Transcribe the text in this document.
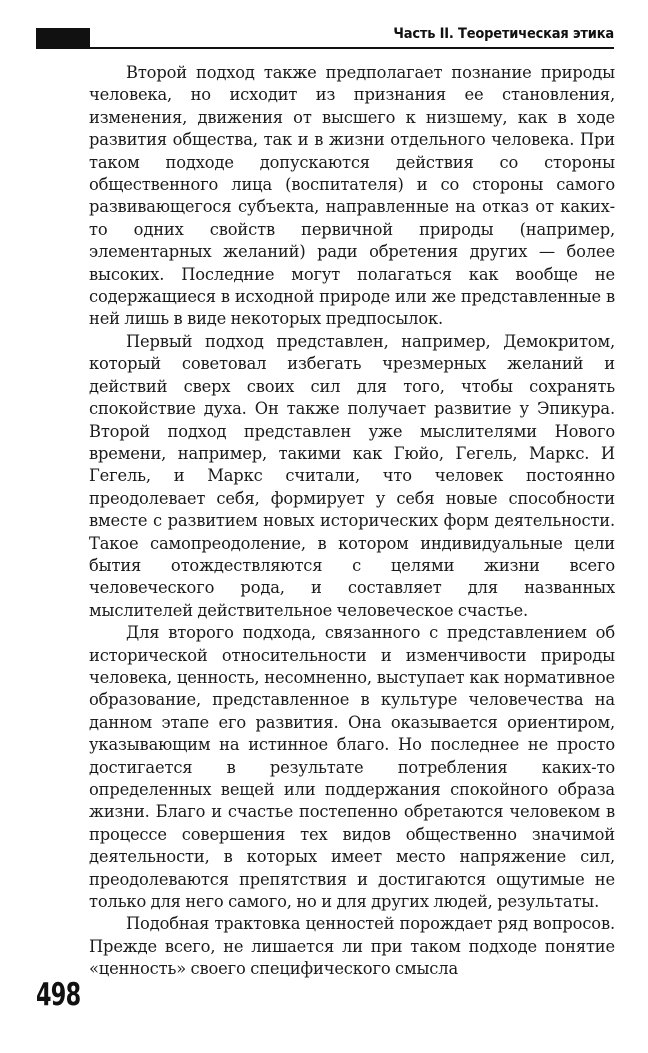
Часть II. Теоретическая этика

Второй подход также предполагает познание природы человека, но исходит из признания ее становления, изменения, движения от высшего к низшему, как в ходе развития общества, так и в жизни отдельного человека. При таком подходе допускаются действия со стороны общественного лица (воспитателя) и со стороны самого развивающегося субъекта, направленные на отказ от каких-то одних свойств первичной природы (например, элементарных желаний) ради обретения других — более высоких. Последние могут полагаться как вообще не содержащиеся в исходной природе или же представленные в ней лишь в виде некоторых предпосылок.

Первый подход представлен, например, Демокритом, который советовал избегать чрезмерных желаний и действий сверх своих сил для того, чтобы сохранять спокойствие духа. Он также получает развитие у Эпикура. Второй подход представлен уже мыслителями Нового времени, например, такими как Гюйо, Гегель, Маркс. И Гегель, и Маркс считали, что человек постоянно преодолевает себя, формирует у себя новые способности вместе с развитием новых исторических форм деятельности. Такое самопреодоление, в котором индивидуальные цели бытия отождествляются с целями жизни всего человеческого рода, и составляет для названных мыслителей действительное человеческое счастье.

Для второго подхода, связанного с представлением об исторической относительности и изменчивости природы человека, ценность, несомненно, выступает как нормативное образование, представленное в культуре человечества на данном этапе его развития. Она оказывается ориентиром, указывающим на истинное благо. Но последнее не просто достигается в результате потребления каких-то определенных вещей или поддержания спокойного образа жизни. Благо и счастье постепенно обретаются человеком в процессе совершения тех видов общественно значимой деятельности, в которых имеет место напряжение сил, преодолеваются препятствия и достигаются ощутимые не только для него самого, но и для других людей, результаты.

Подобная трактовка ценностей порождает ряд вопросов. Прежде всего, не лишается ли при таком подходе понятие «ценность» своего специфического смысла

498
